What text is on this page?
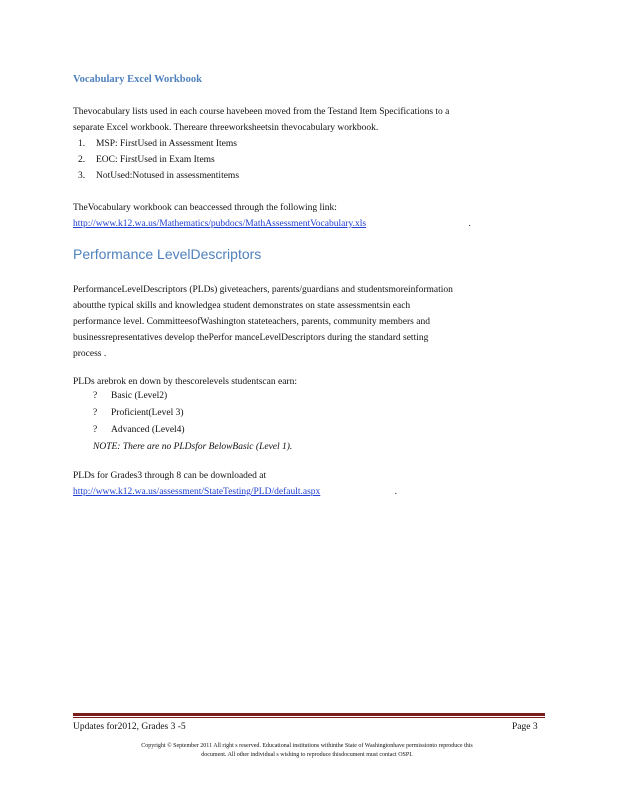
Vocabulary Excel Workbook
Thevocabulary lists used in each course havebeen moved from the Testand Item Specifications to a
separate Excel workbook. Thereare threeworksheetsin thevocabulary workbook.
1. MSP: FirstUsed in Assessment Items
2. EOC: FirstUsed in Exam Items
3. NotUsed:Notused in assessmentitems
TheVocabulary workbook can beaccessed through the following link:
http://www.k12.wa.us/Mathematics/pubdocs/MathAssessmentVocabulary.xls	.
Performance LevelDescriptors
PerformanceLevelDescriptors (PLDs) giveteachers, parents/guardians and studentsmoreinformation
aboutthe typical skills and knowledgea student demonstrates on state assessmentsin each
performance level. CommitteesofWashington stateteachers, parents, community members and
businessrepresentatives develop thePerfor manceLevelDescriptors during the standard setting
process .
PLDs arebrok en down by thescorelevels studentscan earn:
? Basic (Level2)
? Proficient(Level 3)
? Advanced (Level4)
NOTE: There are no PLDsfor BelowBasic (Level 1).
PLDs for Grades3 through 8 can be downloaded at
http://www.k12.wa.us/assessment/StateTesting/PLD/default.aspx	.
Updates for2012, Grades 3 -5	Page 3
Copyright © September 2011 All right s reserved. Educational institutions withinthe State of Washingtonhave permissionto reproduce this
document. All other individual s wishing to reproduce thisdocument must contact OSPI.
